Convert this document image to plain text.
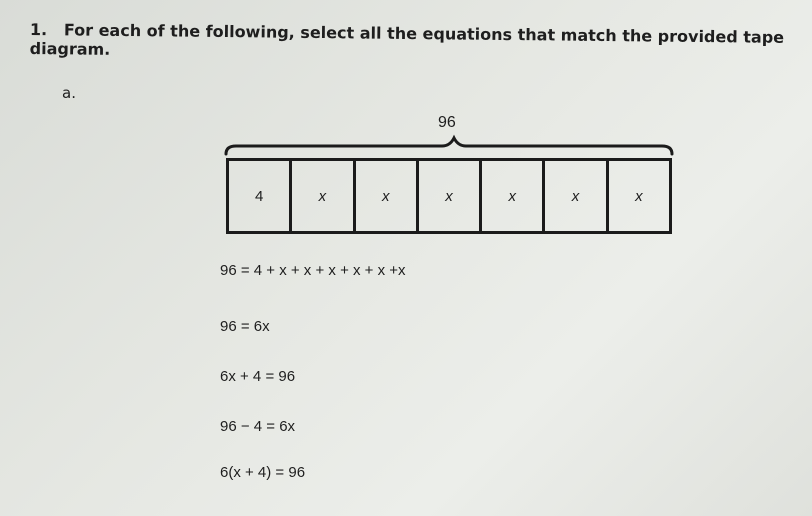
1. For each of the following, select all the equations that match the provided tape diagram.
a.
96
4	x	x	x	x	x	x
96 = 4 + x + x + x + x + x +x
96 = 6x
6x + 4 = 96
96 − 4 = 6x
6(x + 4) = 96
